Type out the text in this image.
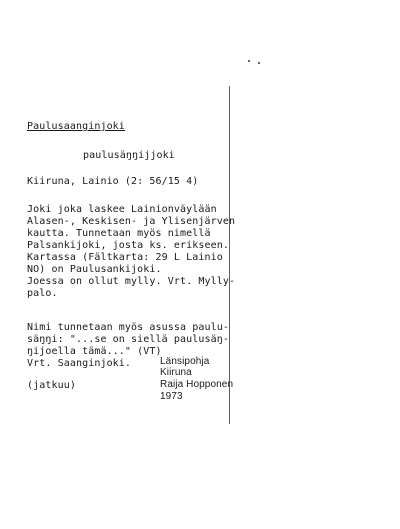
Paulusaanginjoki
paulusäŋŋijjoki
Kiiruna, Lainio (2: 56/15 4)
Joki joka laskee Lainionväylään
Alasen-, Keskisen- ja Ylisenjärven
kautta. Tunnetaan myös nimellä
Palsankijoki, josta ks. erikseen.
Kartassa (Fältkarta: 29 L Lainio
NO) on Paulusankijoki.
Joessa on ollut mylly. Vrt. Mylly-
palo.
Nimi tunnetaan myös asussa paulu-
säŋŋi: "...se on siellä paulusäŋ-
ŋijoella tämä..." (VT)
Vrt. Saanginjoki.
(jatkuu)
Länsipohja
Kiiruna
Raija Hopponen
1973
